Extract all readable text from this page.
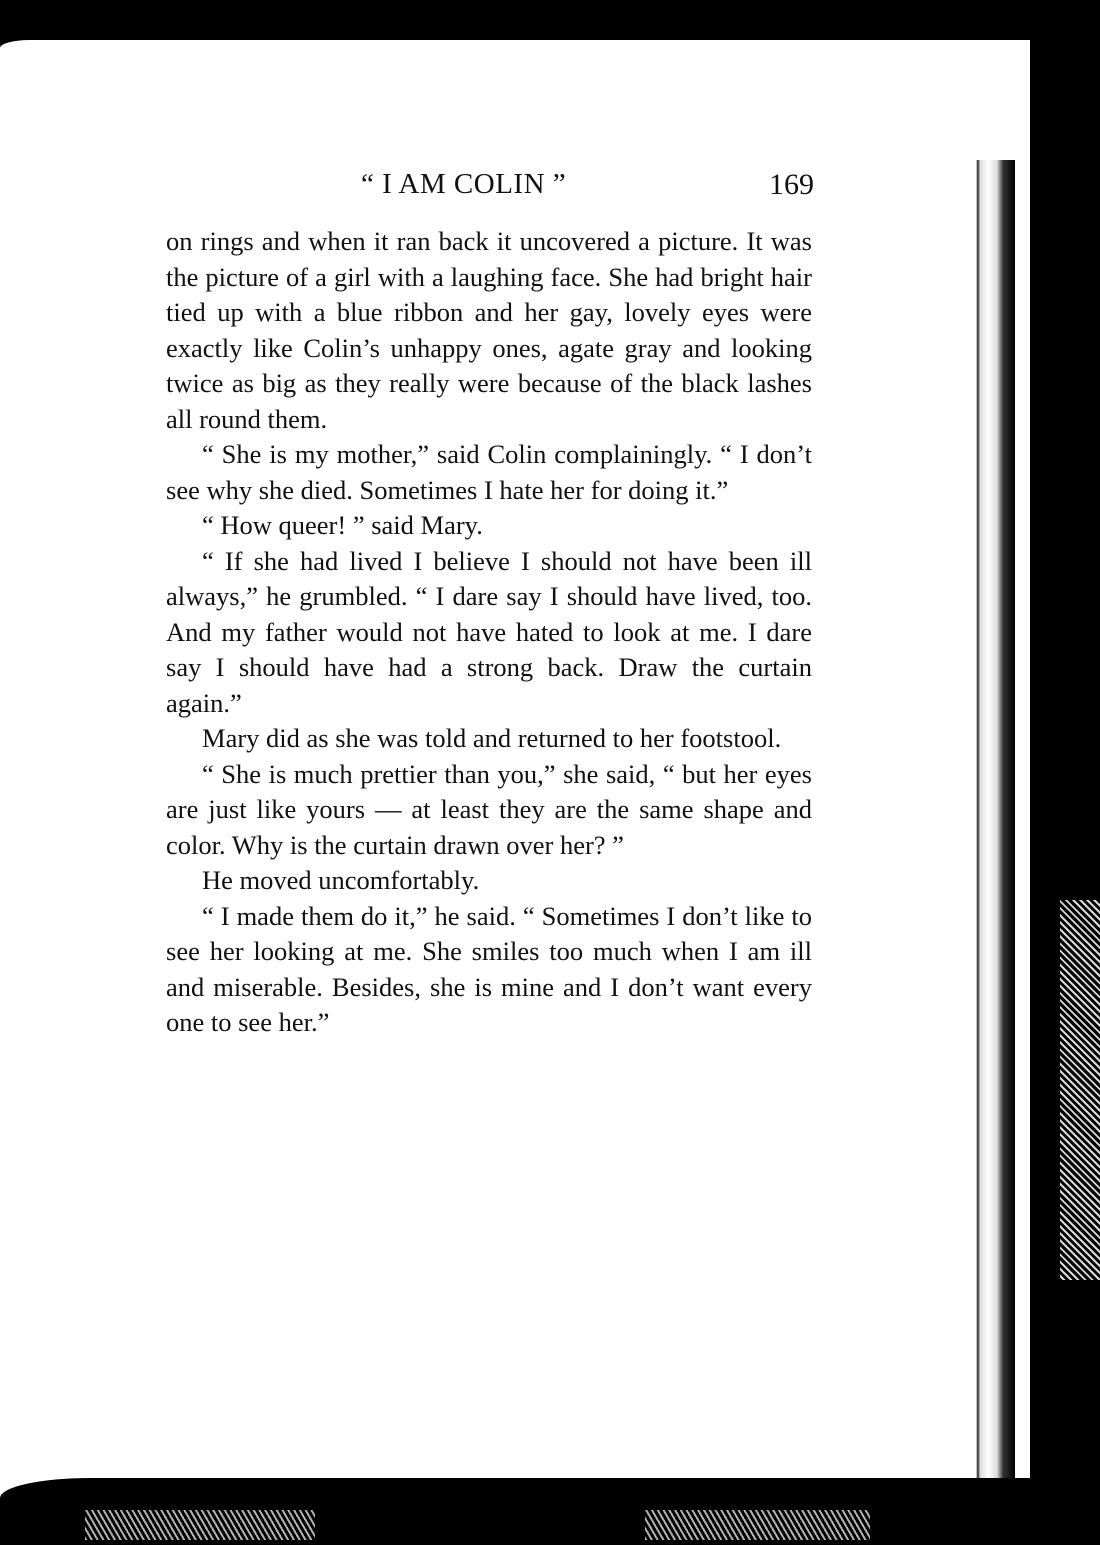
“ I AM COLIN ”	169

on rings and when it ran back it uncovered a picture. It was the picture of a girl with a laughing face. She had bright hair tied up with a blue ribbon and her gay, lovely eyes were exactly like Colin’s unhappy ones, agate gray and looking twice as big as they really were because of the black lashes all round them.

“ She is my mother,” said Colin complainingly. “ I don’t see why she died. Sometimes I hate her for doing it.”

“ How queer! ” said Mary.

“ If she had lived I believe I should not have been ill always,” he grumbled. “ I dare say I should have lived, too. And my father would not have hated to look at me. I dare say I should have had a strong back. Draw the curtain again.”

Mary did as she was told and returned to her footstool.

“ She is much prettier than you,” she said, “ but her eyes are just like yours — at least they are the same shape and color. Why is the curtain drawn over her? ”

He moved uncomfortably.

“ I made them do it,” he said. “ Sometimes I don’t like to see her looking at me. She smiles too much when I am ill and miserable. Besides, she is mine and I don’t want every one to see her.”
